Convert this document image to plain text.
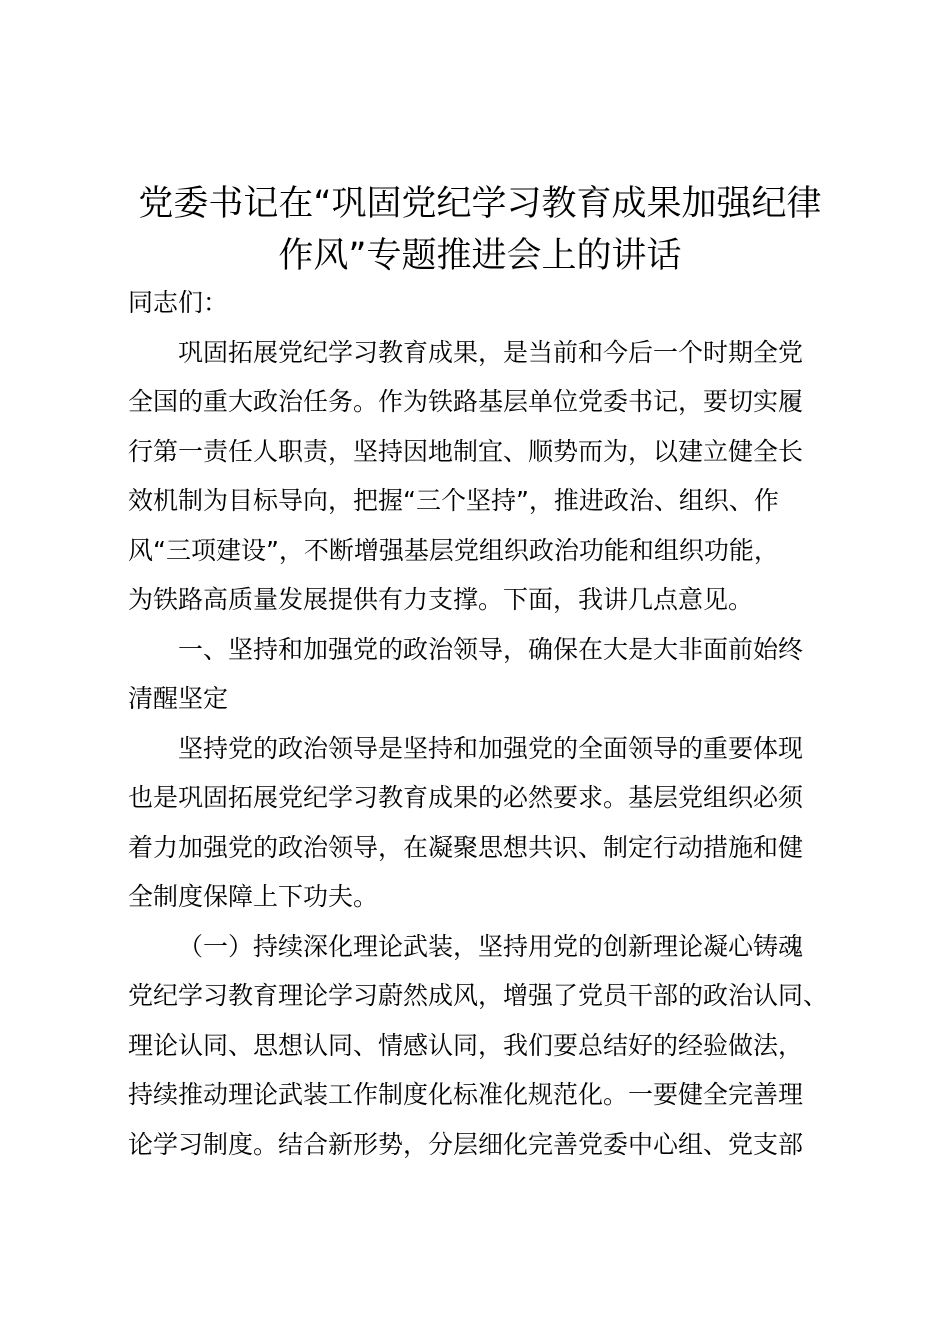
党委书记在“巩固党纪学习教育成果加强纪律
作风”专题推进会上的讲话
同志们：
巩固拓展党纪学习教育成果，是当前和今后一个时期全党
全国的重大政治任务。作为铁路基层单位党委书记，要切实履
行第一责任人职责，坚持因地制宜、顺势而为，以建立健全长
效机制为目标导向，把握“三个坚持”，推进政治、组织、作
风“三项建设”，不断增强基层党组织政治功能和组织功能，
为铁路高质量发展提供有力支撑。下面，我讲几点意见。
一、坚持和加强党的政治领导，确保在大是大非面前始终
清醒坚定
坚持党的政治领导是坚持和加强党的全面领导的重要体现
也是巩固拓展党纪学习教育成果的必然要求。基层党组织必须
着力加强党的政治领导，在凝聚思想共识、制定行动措施和健
全制度保障上下功夫。
（一）持续深化理论武装，坚持用党的创新理论凝心铸魂
党纪学习教育理论学习蔚然成风，增强了党员干部的政治认同、
理论认同、思想认同、情感认同，我们要总结好的经验做法，
持续推动理论武装工作制度化标准化规范化。一要健全完善理
论学习制度。结合新形势，分层细化完善党委中心组、党支部
